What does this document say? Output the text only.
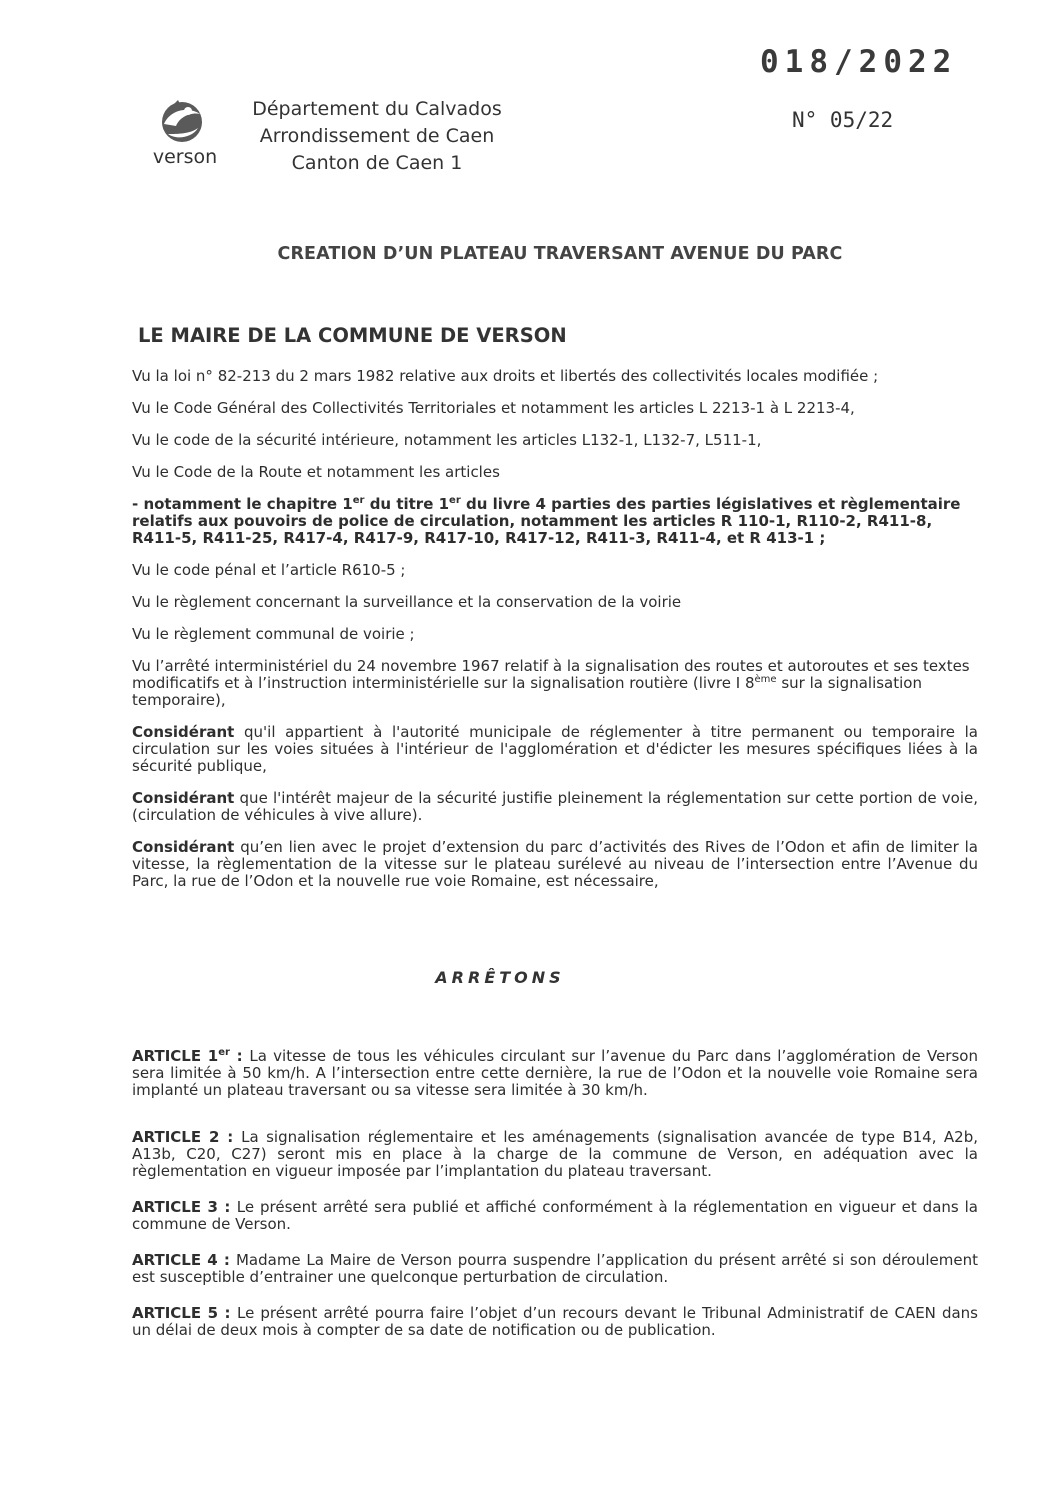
018/2022
N° 05/22
verson
Département du Calvados
Arrondissement de Caen
Canton de Caen 1
CREATION D’UN PLATEAU TRAVERSANT AVENUE DU PARC
LE MAIRE DE LA COMMUNE DE VERSON

Vu la loi n° 82-213 du 2 mars 1982 relative aux droits et libertés des collectivités locales modifiée ;

Vu le Code Général des Collectivités Territoriales et notamment les articles L 2213-1 à L 2213-4,

Vu le code de la sécurité intérieure, notamment les articles L132-1, L132-7, L511-1,

Vu le Code de la Route et notamment les articles

- notamment le chapitre 1er du titre 1er du livre 4 parties des parties législatives et règlementaire relatifs aux pouvoirs de police de circulation, notamment les articles R 110-1, R110-2, R411-8, R411-5, R411-25, R417-4, R417-9, R417-10, R417-12, R411-3, R411-4, et R 413-1 ;

Vu le code pénal et l’article R610-5 ;

Vu le règlement concernant la surveillance et la conservation de la voirie

Vu le règlement communal de voirie ;

Vu l’arrêté interministériel du 24 novembre 1967 relatif à la signalisation des routes et autoroutes et ses textes modificatifs et à l’instruction interministérielle sur la signalisation routière (livre I 8ème sur la signalisation temporaire),

Considérant qu'il appartient à l'autorité municipale de réglementer à titre permanent ou temporaire la circulation sur les voies situées à l'intérieur de l'agglomération et d'édicter les mesures spécifiques liées à la sécurité publique,

Considérant que l'intérêt majeur de la sécurité justifie pleinement la réglementation sur cette portion de voie, (circulation de véhicules à vive allure).

Considérant qu’en lien avec le projet d’extension du parc d’activités des Rives de l’Odon et afin de limiter la vitesse, la règlementation de la vitesse sur le plateau surélevé au niveau de l’intersection entre l’Avenue du Parc, la rue de l’Odon et la nouvelle rue voie Romaine, est nécessaire,

ARRÊTONS

ARTICLE 1er : La vitesse de tous les véhicules circulant sur l’avenue du Parc dans l’agglomération de Verson sera limitée à 50 km/h. A l’intersection entre cette dernière, la rue de l’Odon et la nouvelle voie Romaine sera implanté un plateau traversant ou sa vitesse sera limitée à 30 km/h.

ARTICLE 2 : La signalisation réglementaire et les aménagements (signalisation avancée de type B14, A2b, A13b, C20, C27) seront mis en place à la charge de la commune de Verson, en adéquation avec la règlementation en vigueur imposée par l’implantation du plateau traversant.

ARTICLE 3 : Le présent arrêté sera publié et affiché conformément à la réglementation en vigueur et dans la commune de Verson.

ARTICLE 4 : Madame La Maire de Verson pourra suspendre l’application du présent arrêté si son déroulement est susceptible d’entrainer une quelconque perturbation de circulation.

ARTICLE 5 : Le présent arrêté pourra faire l’objet d’un recours devant le Tribunal Administratif de CAEN dans un délai de deux mois à compter de sa date de notification ou de publication.
